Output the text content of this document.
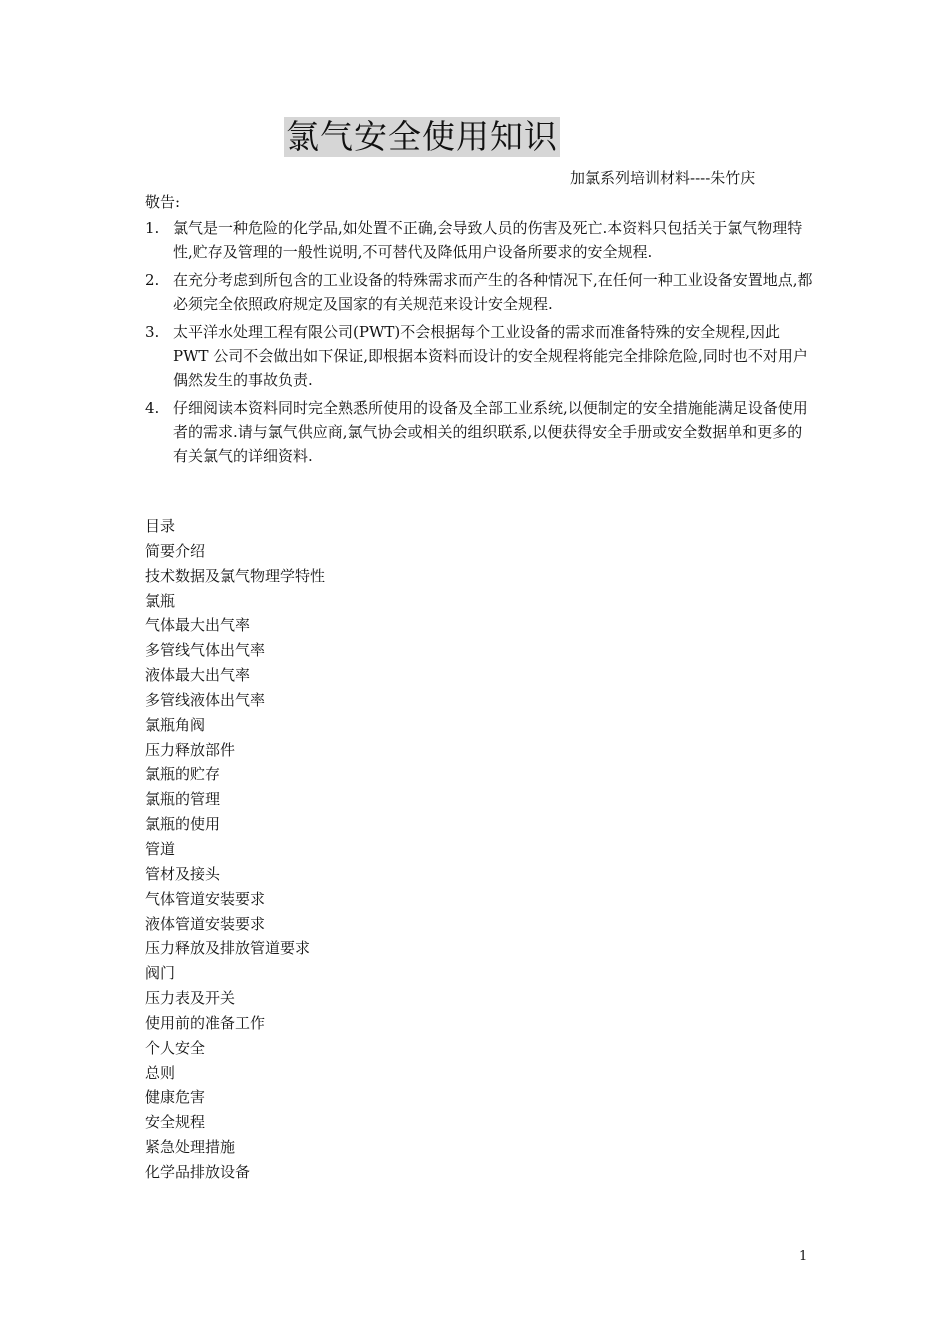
氯气安全使用知识
加氯系列培训材料----朱竹庆
敬告:
1. 氯气是一种危险的化学品,如处置不正确,会导致人员的伤害及死亡.本资料只包括关于氯气物理特性,贮存及管理的一般性说明,不可替代及降低用户设备所要求的安全规程.
2. 在充分考虑到所包含的工业设备的特殊需求而产生的各种情况下,在任何一种工业设备安置地点,都必须完全依照政府规定及国家的有关规范来设计安全规程.
3. 太平洋水处理工程有限公司(PWT)不会根据每个工业设备的需求而准备特殊的安全规程,因此 PWT 公司不会做出如下保证,即根据本资料而设计的安全规程将能完全排除危险,同时也不对用户偶然发生的事故负责.
4. 仔细阅读本资料同时完全熟悉所使用的设备及全部工业系统,以便制定的安全措施能满足设备使用者的需求.请与氯气供应商,氯气协会或相关的组织联系,以便获得安全手册或安全数据单和更多的有关氯气的详细资料.
目录
简要介绍
技术数据及氯气物理学特性
氯瓶
气体最大出气率
多管线气体出气率
液体最大出气率
多管线液体出气率
氯瓶角阀
压力释放部件
氯瓶的贮存
氯瓶的管理
氯瓶的使用
管道
管材及接头
气体管道安装要求
液体管道安装要求
压力释放及排放管道要求
阀门
压力表及开关
使用前的准备工作
个人安全
总则
健康危害
安全规程
紧急处理措施
化学品排放设备
1
